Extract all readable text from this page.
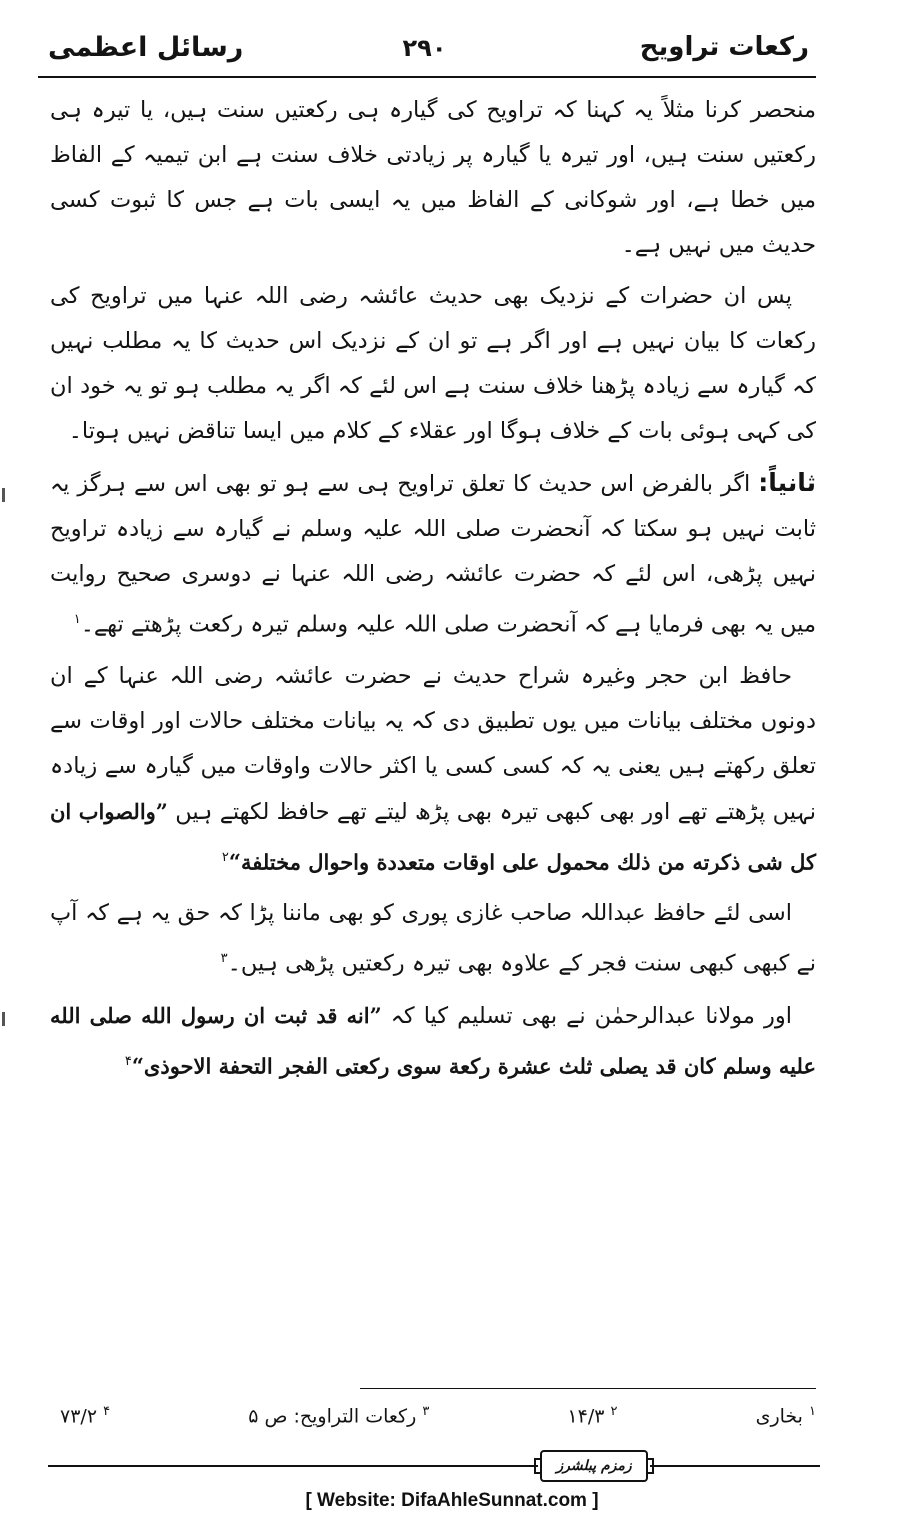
رسائل اعظمی	۲۹۰	رکعات تراویح

منحصر کرنا مثلاً یہ کہنا کہ تراویح کی گیارہ ہی رکعتیں سنت ہیں، یا تیرہ ہی رکعتیں سنت ہیں، اور تیرہ یا گیارہ پر زیادتی خلاف سنت ہے ابن تیمیہ کے الفاظ میں خطا ہے، اور شوکانی کے الفاظ میں یہ ایسی بات ہے جس کا ثبوت کسی حدیث میں نہیں ہے۔

پس ان حضرات کے نزدیک بھی حدیث عائشہ رضی اللہ عنہا میں تراویح کی رکعات کا بیان نہیں ہے اور اگر ہے تو ان کے نزدیک اس حدیث کا یہ مطلب نہیں کہ گیارہ سے زیادہ پڑھنا خلاف سنت ہے اس لئے کہ اگر یہ مطلب ہو تو یہ خود ان کی کہی ہوئی بات کے خلاف ہوگا اور عقلاء کے کلام میں ایسا تناقض نہیں ہوتا۔

ثانیاً: اگر بالفرض اس حدیث کا تعلق تراویح ہی سے ہو تو بھی اس سے ہرگز یہ ثابت نہیں ہو سکتا کہ آنحضرت صلی اللہ علیہ وسلم نے گیارہ سے زیادہ تراویح نہیں پڑھی، اس لئے کہ حضرت عائشہ رضی اللہ عنہا نے دوسری صحیح روایت میں یہ بھی فرمایا ہے کہ آنحضرت صلی اللہ علیہ وسلم تیرہ رکعت پڑھتے تھے۔$^۱$

حافظ ابن حجر وغیرہ شراح حدیث نے حضرت عائشہ رضی اللہ عنہا کے ان دونوں مختلف بیانات میں یوں تطبیق دی کہ یہ بیانات مختلف حالات اور اوقات سے تعلق رکھتے ہیں یعنی یہ کہ کسی کسی یا اکثر حالات واوقات میں گیارہ سے زیادہ نہیں پڑھتے تھے اور بھی کبھی تیرہ بھی پڑھ لیتے تھے حافظ لکھتے ہیں ”والصواب ان کل شی ذکرته من ذلك محمول علی اوقات متعددة واحوال مختلفة“$^۲$

اسی لئے حافظ عبداللہ صاحب غازی پوری کو بھی ماننا پڑا کہ حق یہ ہے کہ آپ نے کبھی کبھی سنت فجر کے علاوہ بھی تیرہ رکعتیں پڑھی ہیں۔$^۳$

اور مولانا عبدالرحمٰن نے بھی تسلیم کیا کہ ”انه قد ثبت ان رسول الله صلی الله علیه وسلم کان قد یصلی ثلث عشرة رکعة سوی رکعتی الفجر التحفة الاحوذی“$^۴$

$^۱$ بخاری
$^۲$ ۱۴/۳
$^۳$ رکعات التراویح: ص ۵
$^۴$ ۷۳/۲
زمزم پبلشرز
[ Website: DifaAhleSunnat.com ]
